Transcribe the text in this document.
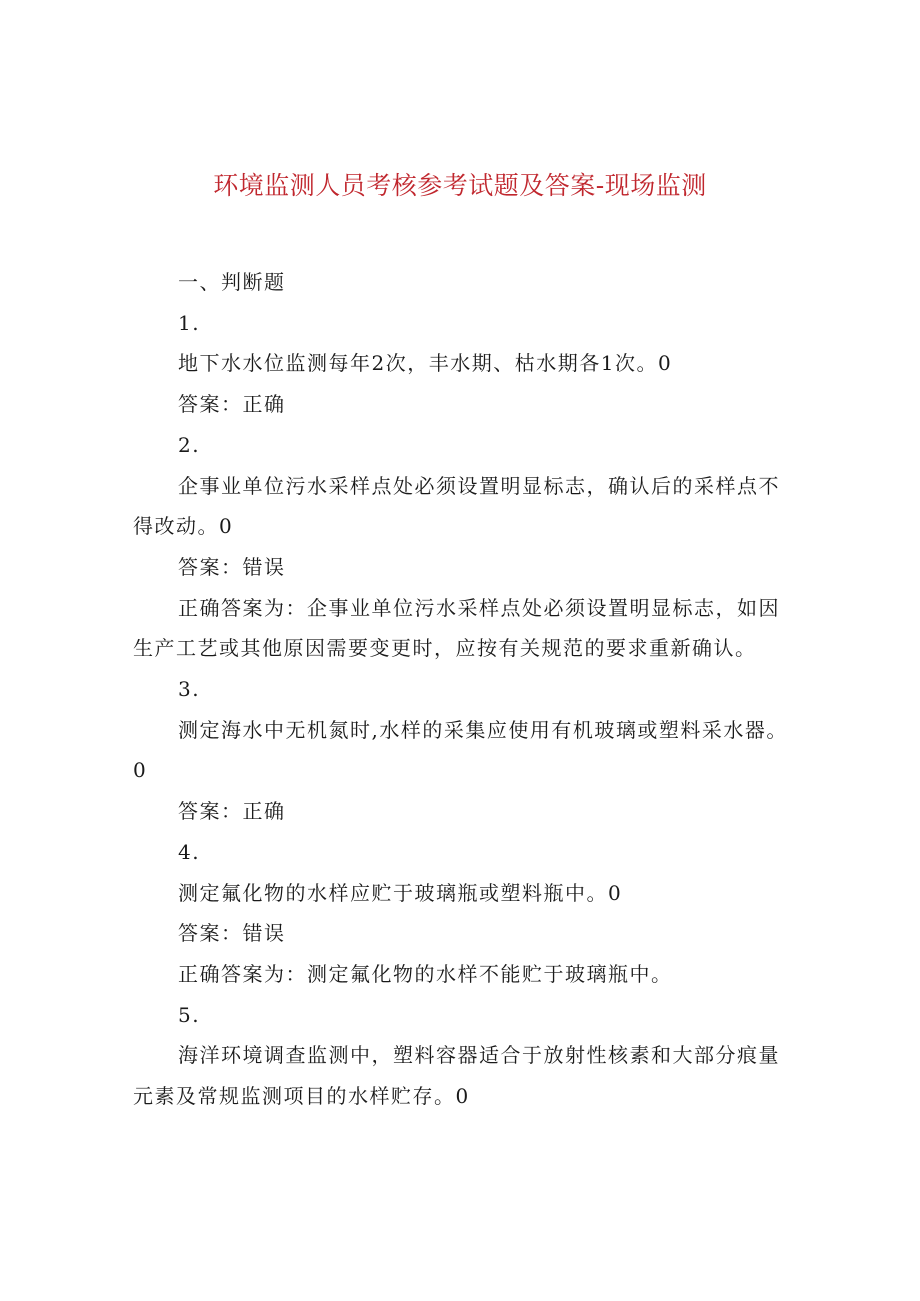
环境监测人员考核参考试题及答案-现场监测

一、判断题

1.

地下水水位监测每年2次，丰水期、枯水期各1次。0

答案：正确

2.

企事业单位污水采样点处必须设置明显标志，确认后的采样点不得改动。0

答案：错误

正确答案为：企事业单位污水采样点处必须设置明显标志，如因生产工艺或其他原因需要变更时，应按有关规范的要求重新确认。

3.

测定海水中无机氮时,水样的采集应使用有机玻璃或塑料采水器。0

答案：正确

4.

测定氟化物的水样应贮于玻璃瓶或塑料瓶中。0

答案：错误

正确答案为：测定氟化物的水样不能贮于玻璃瓶中。

5.

海洋环境调查监测中，塑料容器适合于放射性核素和大部分痕量元素及常规监测项目的水样贮存。0
